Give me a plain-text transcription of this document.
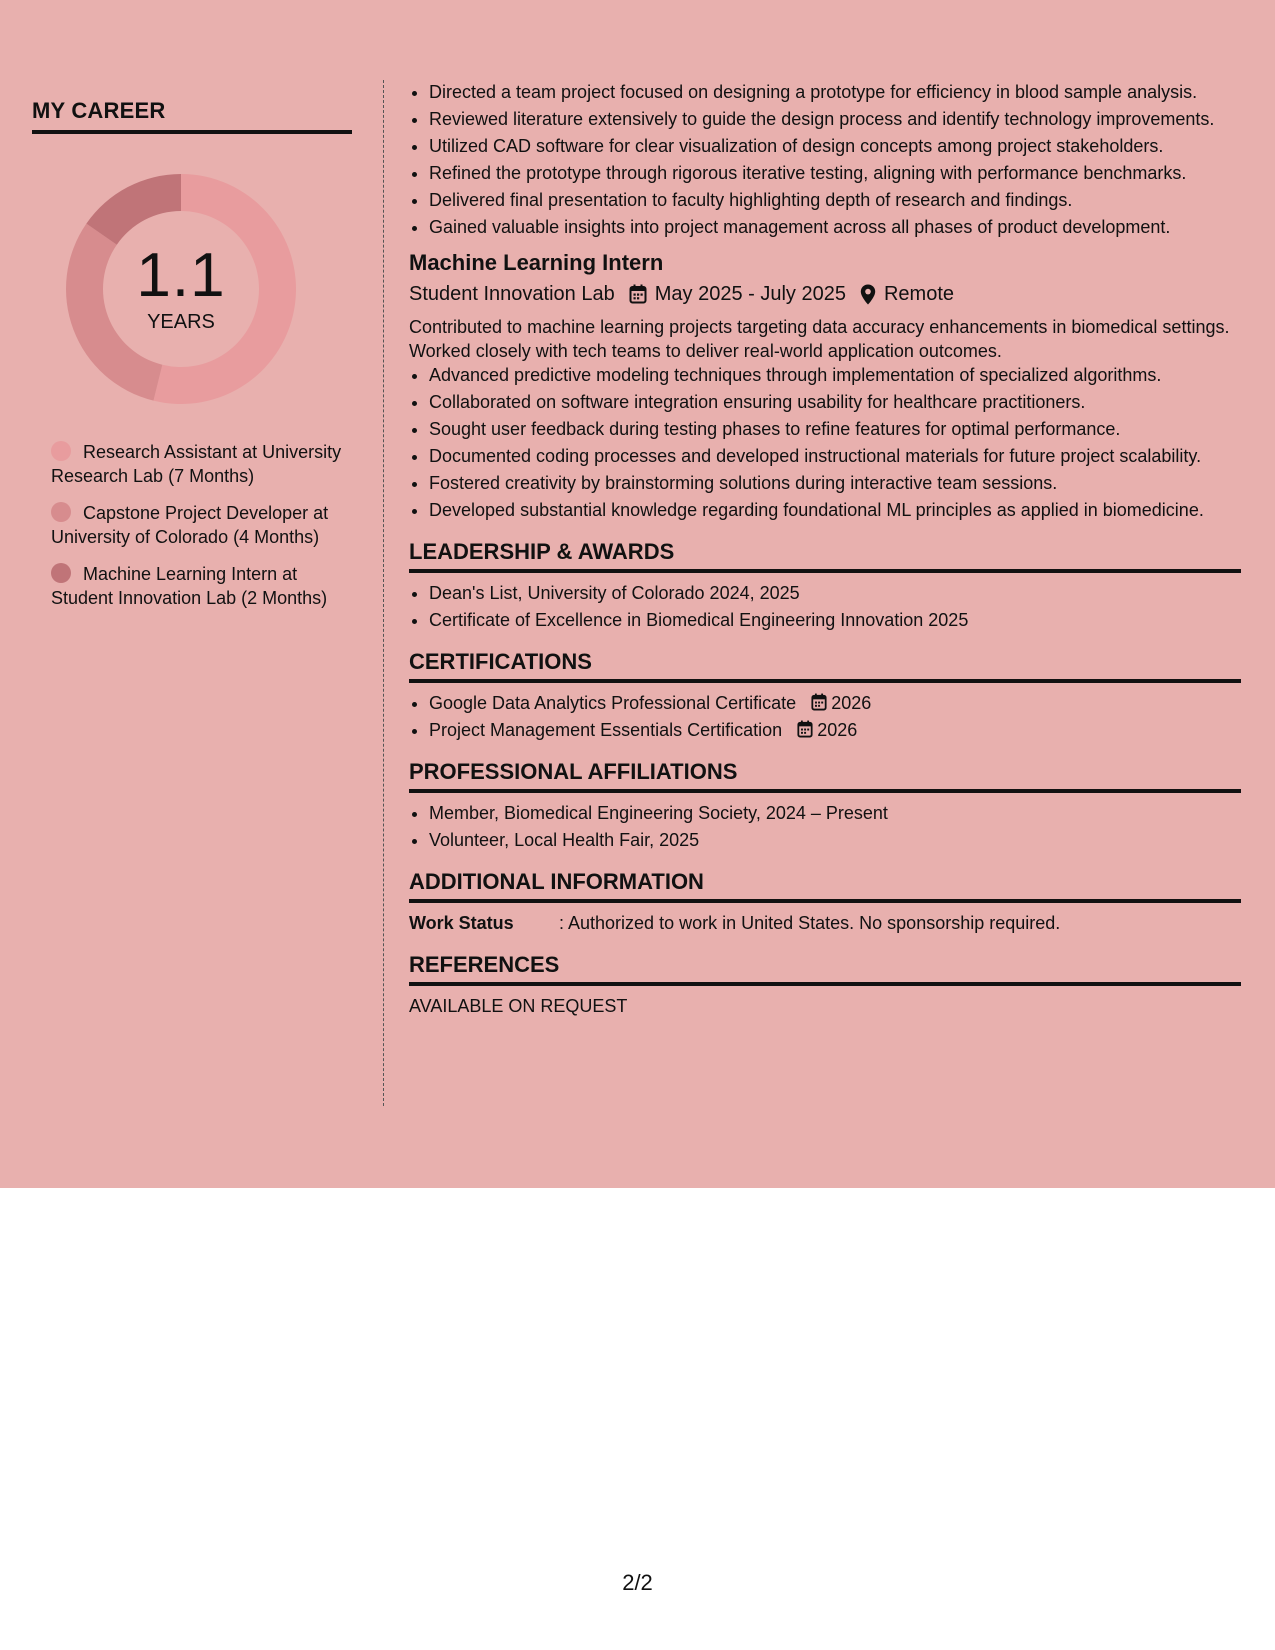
MY CAREER
1.1
YEARS
Research Assistant at University Research Lab (7 Months)
Capstone Project Developer at University of Colorado (4 Months)
Machine Learning Intern at Student Innovation Lab (2 Months)
• Directed a team project focused on designing a prototype for efficiency in blood sample analysis.
• Reviewed literature extensively to guide the design process and identify technology improvements.
• Utilized CAD software for clear visualization of design concepts among project stakeholders.
• Refined the prototype through rigorous iterative testing, aligning with performance benchmarks.
• Delivered final presentation to faculty highlighting depth of research and findings.
• Gained valuable insights into project management across all phases of product development.
Machine Learning Intern
Student Innovation Lab May 2025 - July 2025 Remote
Contributed to machine learning projects targeting data accuracy enhancements in biomedical settings. Worked closely with tech teams to deliver real-world application outcomes.
• Advanced predictive modeling techniques through implementation of specialized algorithms.
• Collaborated on software integration ensuring usability for healthcare practitioners.
• Sought user feedback during testing phases to refine features for optimal performance.
• Documented coding processes and developed instructional materials for future project scalability.
• Fostered creativity by brainstorming solutions during interactive team sessions.
• Developed substantial knowledge regarding foundational ML principles as applied in biomedicine.
LEADERSHIP & AWARDS
• Dean's List, University of Colorado 2024, 2025
• Certificate of Excellence in Biomedical Engineering Innovation 2025
CERTIFICATIONS
• Google Data Analytics Professional Certificate 2026
• Project Management Essentials Certification 2026
PROFESSIONAL AFFILIATIONS
• Member, Biomedical Engineering Society, 2024 – Present
• Volunteer, Local Health Fair, 2025
ADDITIONAL INFORMATION
Work Status	: Authorized to work in United States. No sponsorship required.
REFERENCES
AVAILABLE ON REQUEST
2/2
